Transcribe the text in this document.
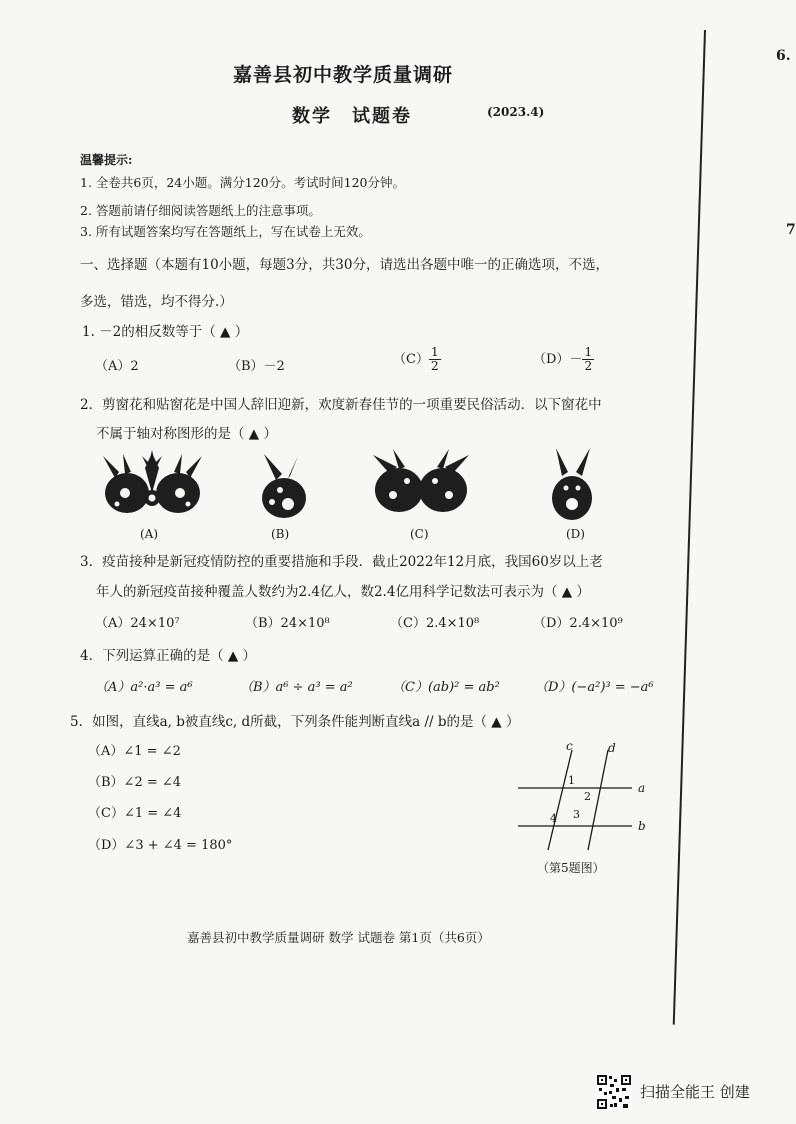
6.
7
嘉善县初中教学质量调研
数学　试题卷	(2023.4)
温馨提示:
1. 全卷共6页，24小题。满分120分。考试时间120分钟。
2. 答题前请仔细阅读答题纸上的注意事项。
3. 所有试题答案均写在答题纸上，写在试卷上无效。
一、选择题（本题有10小题，每题3分，共30分，请选出各题中唯一的正确选项，不选，
多选，错选，均不得分.）
1. －2的相反数等于（ ▲ ）
（A）2	（B）－2	$(C) \frac{1}{2}$	$(D)- \frac{1}{2}$
2．剪窗花和贴窗花是中国人辞旧迎新，欢度新春佳节的一项重要民俗活动．以下窗花中
不属于轴对称图形的是（ ▲ ）
(A)	(B)	(C)	(D)
3．疫苗接种是新冠疫情防控的重要措施和手段．截止2022年12月底，我国60岁以上老
年人的新冠疫苗接种覆盖人数约为2.4亿人，数2.4亿用科学记数法可表示为（ ▲ ）
（A）24×10⁷	（B）24×10⁸	（C）2.4×10⁸	（D）2.4×10⁹
4．下列运算正确的是（ ▲ ）
（A）a²·a³ = a⁶	（B）a⁶ ÷ a³ = a²	（C）(ab)² = ab²	（D）(−a²)³ = −a⁶
5．如图，直线a, b被直线c, d所截，下列条件能判断直线a // b的是（ ▲ ）
（A）∠1 = ∠2
（B）∠2 = ∠4
（C）∠1 = ∠4
（D）∠3 + ∠4 = 180°
c	d
a
b
1
2
3
4
（第5题图）
嘉善县初中教学质量调研 数学 试题卷 第1页（共6页）
扫描全能王 创建
